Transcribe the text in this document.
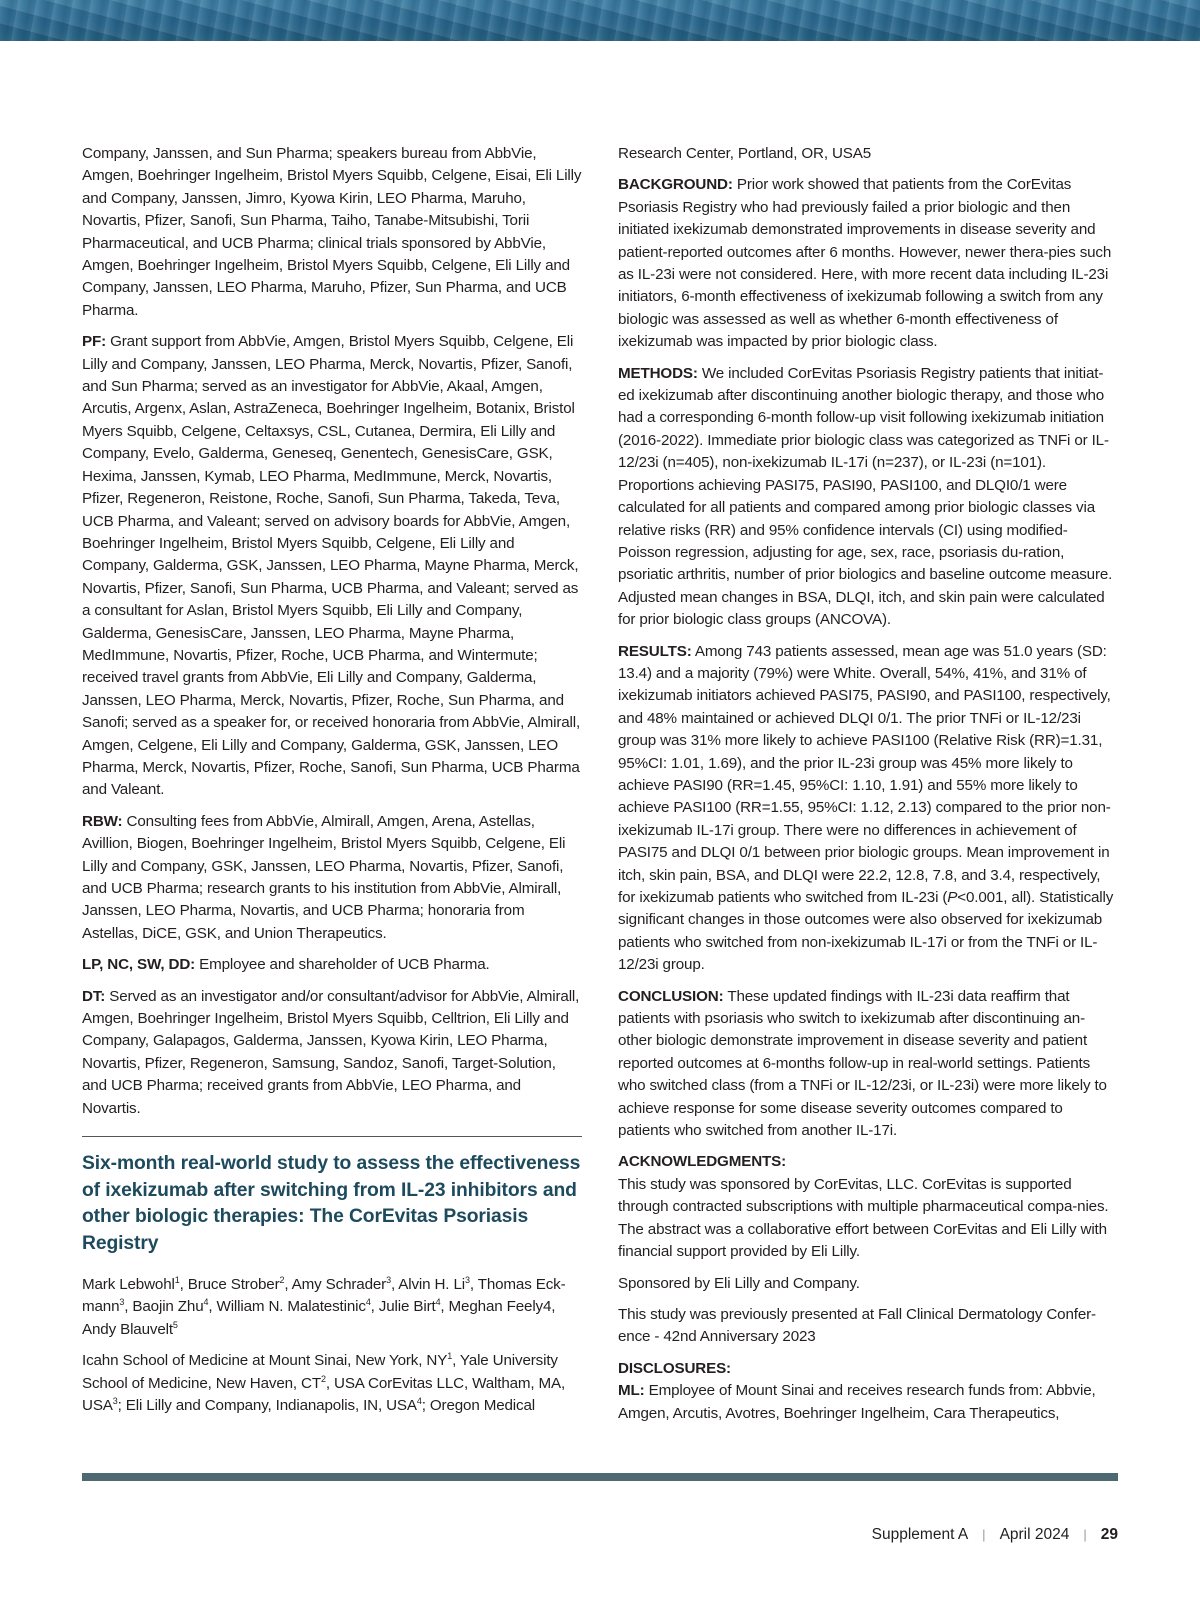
Company, Janssen, and Sun Pharma; speakers bureau from AbbVie, Amgen, Boehringer Ingelheim, Bristol Myers Squibb, Celgene, Eisai, Eli Lilly and Company, Janssen, Jimro, Kyowa Kirin, LEO Pharma, Maruho, Novartis, Pfizer, Sanofi, Sun Pharma, Taiho, Tanabe-Mitsubishi, Torii Pharmaceutical, and UCB Pharma; clinical trials sponsored by AbbVie, Amgen, Boehringer Ingelheim, Bristol Myers Squibb, Celgene, Eli Lilly and Company, Janssen, LEO Pharma, Maruho, Pfizer, Sun Pharma, and UCB Pharma.

PF: Grant support from AbbVie, Amgen, Bristol Myers Squibb, Celgene, Eli Lilly and Company, Janssen, LEO Pharma, Merck, Novartis, Pfizer, Sanofi, and Sun Pharma; served as an investigator for AbbVie, Akaal, Amgen, Arcutis, Argenx, Aslan, AstraZeneca, Boehringer Ingelheim, Botanix, Bristol Myers Squibb, Celgene, Celtaxsys, CSL, Cutanea, Dermira, Eli Lilly and Company, Evelo, Galderma, Geneseq, Genentech, GenesisCare, GSK, Hexima, Janssen, Kymab, LEO Pharma, MedImmune, Merck, Novartis, Pfizer, Regeneron, Reistone, Roche, Sanofi, Sun Pharma, Takeda, Teva, UCB Pharma, and Valeant; served on advisory boards for AbbVie, Amgen, Boehringer Ingelheim, Bristol Myers Squibb, Celgene, Eli Lilly and Company, Galderma, GSK, Janssen, LEO Pharma, Mayne Pharma, Merck, Novartis, Pfizer, Sanofi, Sun Pharma, UCB Pharma, and Valeant; served as a consultant for Aslan, Bristol Myers Squibb, Eli Lilly and Company, Galderma, GenesisCare, Janssen, LEO Pharma, Mayne Pharma, MedImmune, Novartis, Pfizer, Roche, UCB Pharma, and Wintermute; received travel grants from AbbVie, Eli Lilly and Company, Galderma, Janssen, LEO Pharma, Merck, Novartis, Pfizer, Roche, Sun Pharma, and Sanofi; served as a speaker for, or received honoraria from AbbVie, Almirall, Amgen, Celgene, Eli Lilly and Company, Galderma, GSK, Janssen, LEO Pharma, Merck, Novartis, Pfizer, Roche, Sanofi, Sun Pharma, UCB Pharma and Valeant.

RBW: Consulting fees from AbbVie, Almirall, Amgen, Arena, Astellas, Avillion, Biogen, Boehringer Ingelheim, Bristol Myers Squibb, Celgene, Eli Lilly and Company, GSK, Janssen, LEO Pharma, Novartis, Pfizer, Sanofi, and UCB Pharma; research grants to his institution from AbbVie, Almirall, Janssen, LEO Pharma, Novartis, and UCB Pharma; honoraria from Astellas, DiCE, GSK, and Union Therapeutics.

LP, NC, SW, DD: Employee and shareholder of UCB Pharma.

DT: Served as an investigator and/or consultant/advisor for AbbVie, Almirall, Amgen, Boehringer Ingelheim, Bristol Myers Squibb, Celltrion, Eli Lilly and Company, Galapagos, Galderma, Janssen, Kyowa Kirin, LEO Pharma, Novartis, Pfizer, Regeneron, Samsung, Sandoz, Sanofi, Target-Solution, and UCB Pharma; received grants from AbbVie, LEO Pharma, and Novartis.

Six-month real-world study to assess the effectiveness of ixekizumab after switching from IL-23 inhibitors and other biologic therapies: The CorEvitas Psoriasis Registry

Mark Lebwohl$^1$, Bruce Strober$^2$, Amy Schrader$^3$, Alvin H. Li$^3$, Thomas Eck-mann$^3$, Baojin Zhu$^4$, William N. Malatestinic$^4$, Julie Birt$^4$, Meghan Feely4, Andy Blauvelt$^5$

Icahn School of Medicine at Mount Sinai, New York, $NY^1$, Yale University School of Medicine, New Haven, $CT^2$, USA CorEvitas LLC, Waltham, MA, USA$^3$; Eli Lilly and Company, Indianapolis, IN, USA$^4$; Oregon Medical

Research Center, Portland, OR, USA5

BACKGROUND: Prior work showed that patients from the CorEvitas Psoriasis Registry who had previously failed a prior biologic and then initiated ixekizumab demonstrated improvements in disease severity and patient-reported outcomes after 6 months. However, newer thera-pies such as IL-23i were not considered. Here, with more recent data including IL-23i initiators, 6-month effectiveness of ixekizumab following a switch from any biologic was assessed as well as whether 6-month effectiveness of ixekizumab was impacted by prior biologic class.

METHODS: We included CorEvitas Psoriasis Registry patients that initiat-ed ixekizumab after discontinuing another biologic therapy, and those who had a corresponding 6-month follow-up visit following ixekizumab initiation (2016-2022). Immediate prior biologic class was categorized as TNFi or IL-12/23i (n=405), non-ixekizumab IL-17i (n=237), or IL-23i (n=101). Proportions achieving PASI75, PASI90, PASI100, and DLQI0/1 were calculated for all patients and compared among prior biologic classes via relative risks (RR) and 95% confidence intervals (CI) using modified-Poisson regression, adjusting for age, sex, race, psoriasis du-ration, psoriatic arthritis, number of prior biologics and baseline outcome measure. Adjusted mean changes in BSA, DLQI, itch, and skin pain were calculated for prior biologic class groups (ANCOVA).

RESULTS: Among 743 patients assessed, mean age was 51.0 years (SD: 13.4) and a majority (79%) were White. Overall, 54%, 41%, and 31% of ixekizumab initiators achieved PASI75, PASI90, and PASI100, respectively, and 48% maintained or achieved DLQI 0/1. The prior TNFi or IL-12/23i group was 31% more likely to achieve PASI100 (Relative Risk (RR)=1.31, 95%CI: 1.01, 1.69), and the prior IL-23i group was 45% more likely to achieve PASI90 (RR=1.45, 95%CI: 1.10, 1.91) and 55% more likely to achieve PASI100 (RR=1.55, 95%CI: 1.12, 2.13) compared to the prior non-ixekizumab IL-17i group. There were no differences in achievement of PASI75 and DLQI 0/1 between prior biologic groups. Mean improvement in itch, skin pain, BSA, and DLQI were 22.2, 12.8, 7.8, and 3.4, respectively, for ixekizumab patients who switched from IL-23i (P<0.001, all). Statistically significant changes in those outcomes were also observed for ixekizumab patients who switched from non-ixekizumab IL-17i or from the TNFi or IL-12/23i group.

CONCLUSION: These updated findings with IL-23i data reaffirm that patients with psoriasis who switch to ixekizumab after discontinuing an-other biologic demonstrate improvement in disease severity and patient reported outcomes at 6-months follow-up in real-world settings. Patients who switched class (from a TNFi or IL-12/23i, or IL-23i) were more likely to achieve response for some disease severity outcomes compared to patients who switched from another IL-17i.

ACKNOWLEDGMENTS:

This study was sponsored by CorEvitas, LLC. CorEvitas is supported through contracted subscriptions with multiple pharmaceutical compa-nies. The abstract was a collaborative effort between CorEvitas and Eli Lilly with financial support provided by Eli Lilly.

Sponsored by Eli Lilly and Company.

This study was previously presented at Fall Clinical Dermatology Confer-ence - 42nd Anniversary 2023

DISCLOSURES:

ML: Employee of Mount Sinai and receives research funds from: Abbvie, Amgen, Arcutis, Avotres, Boehringer Ingelheim, Cara Therapeutics,

Supplement A | April 2024 | 29
